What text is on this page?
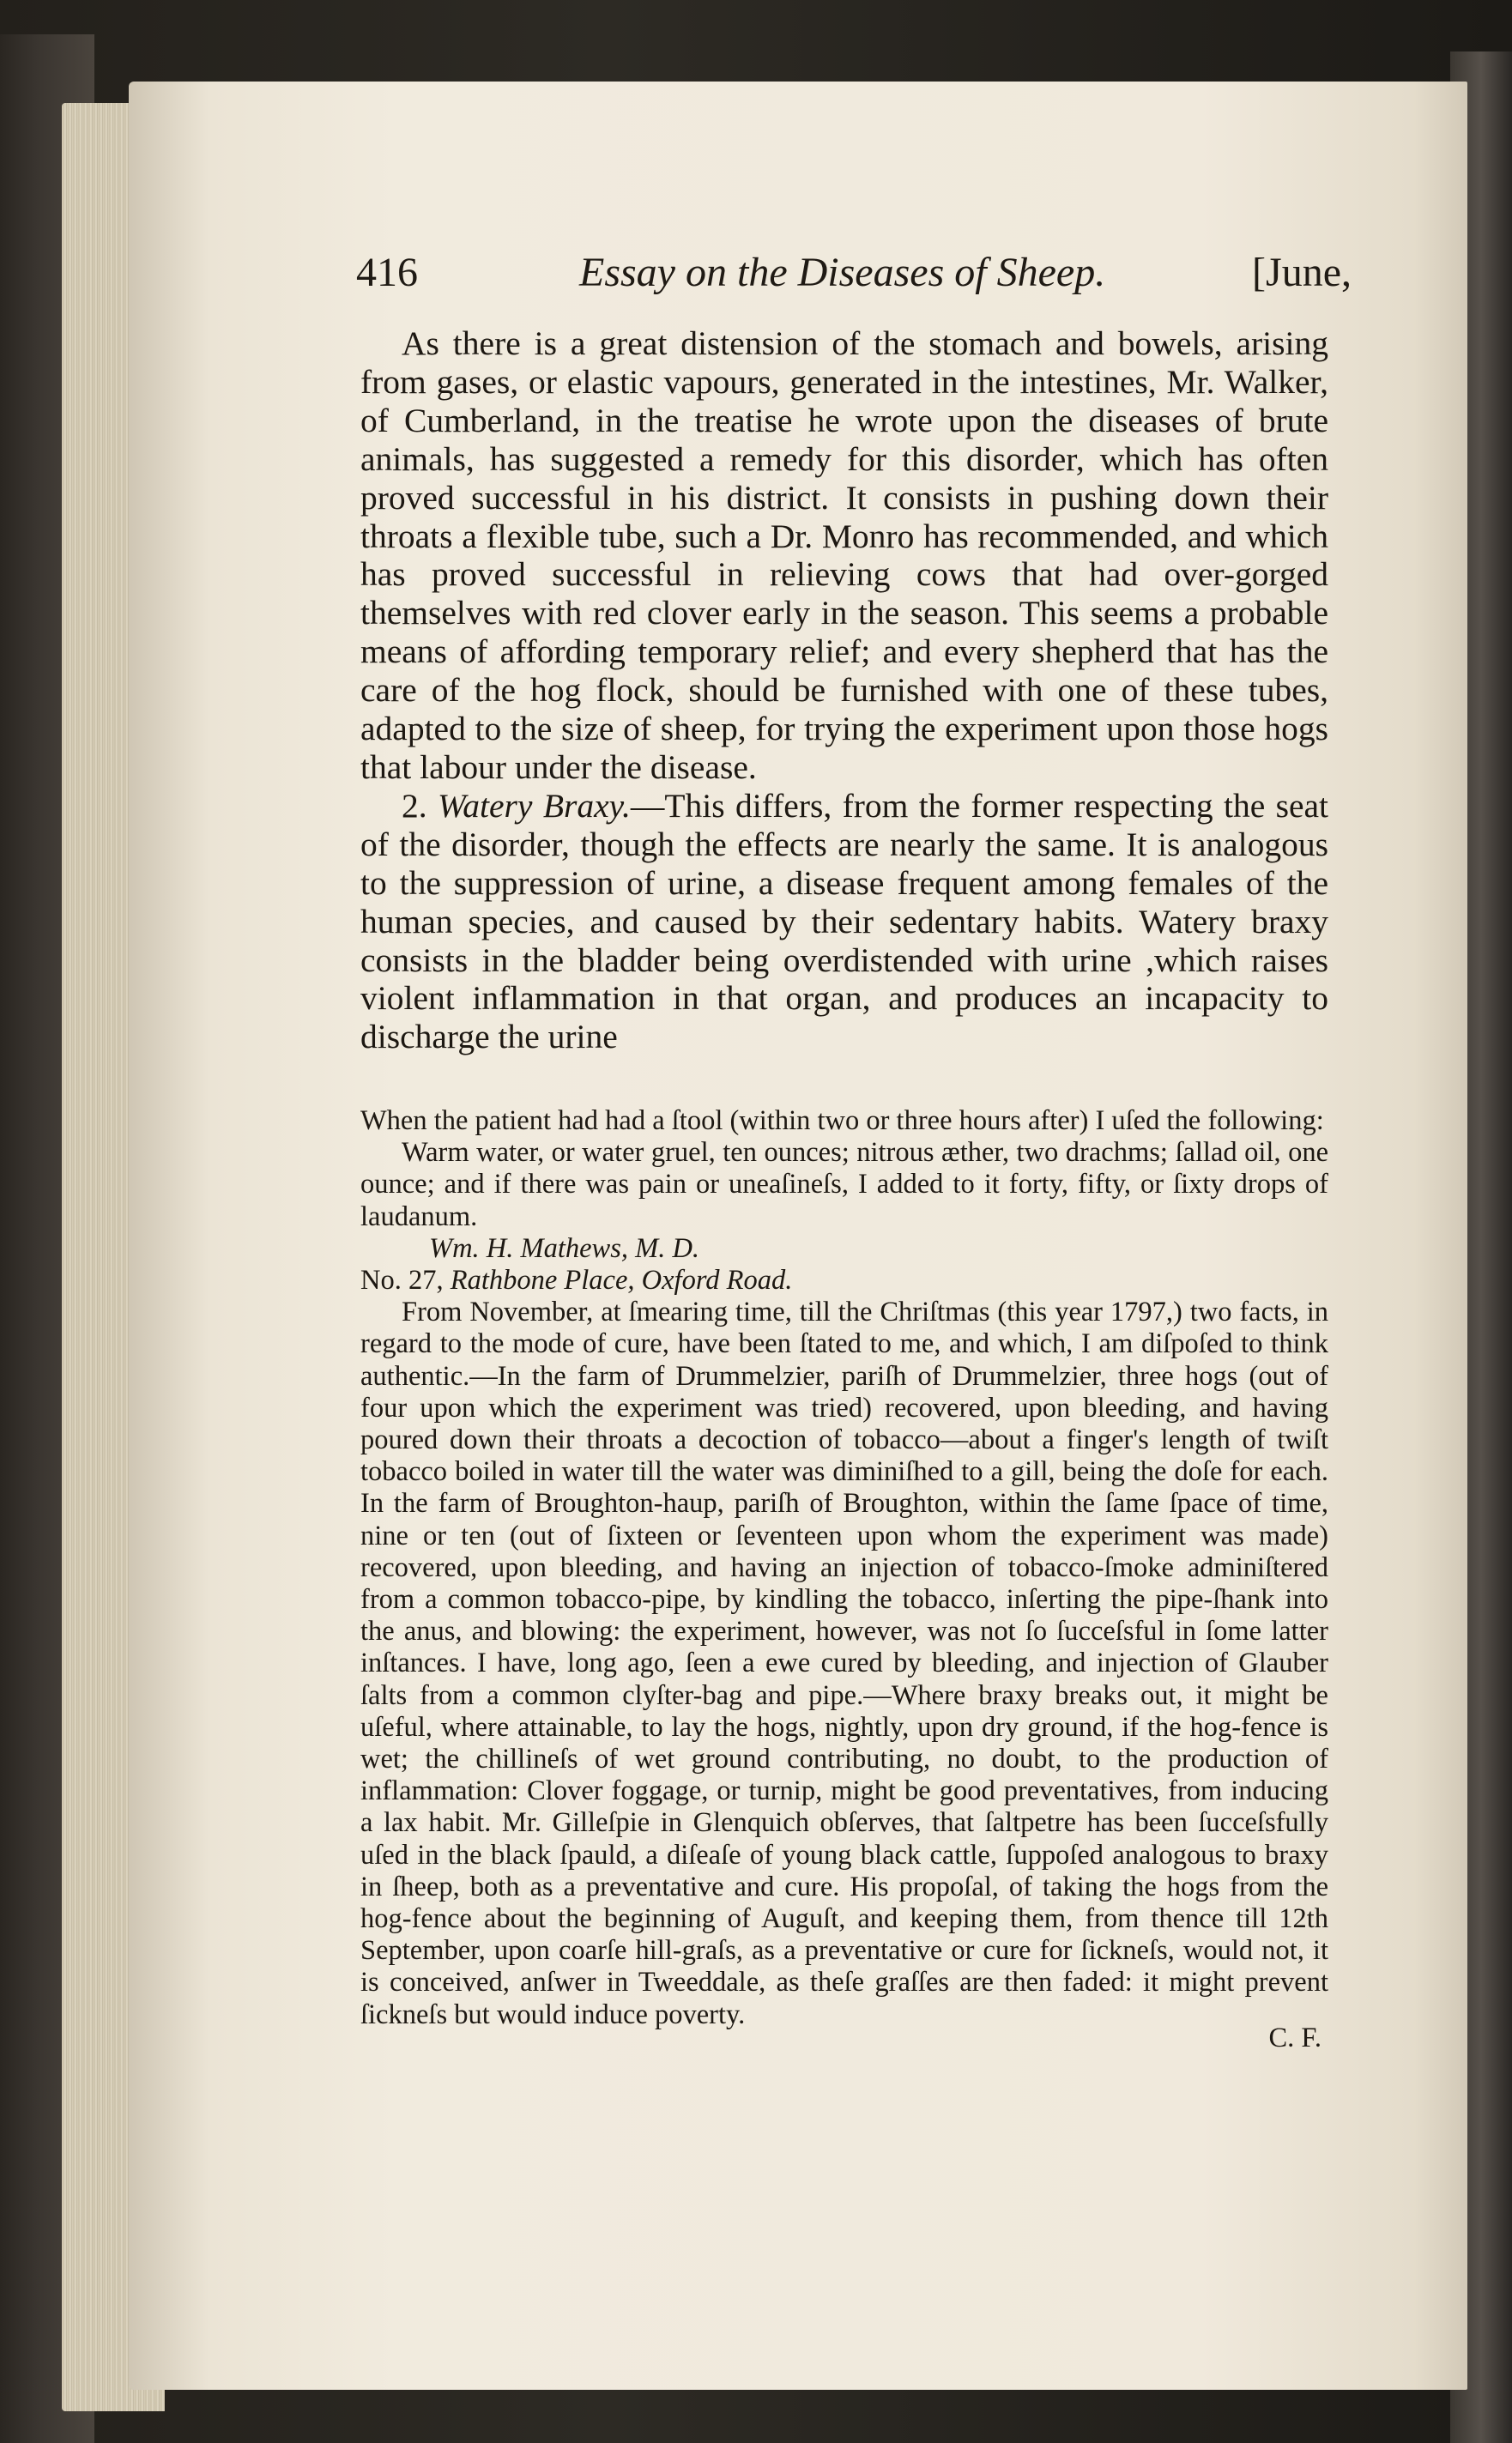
416	Essay on the Diseases of Sheep.	[June,

As there is a great distension of the stomach and bowels, arising from gases, or elastic vapours, generated in the intestines, Mr. Walker, of Cumberland, in the treatise he wrote upon the diseases of brute animals, has suggested a remedy for this disorder, which has often proved successful in his district. It consists in pushing down their throats a flexible tube, such a Dr. Monro has recommended, and which has proved successful in relieving cows that had over-gorged themselves with red clover early in the season. This seems a probable means of affording temporary relief; and every shepherd that has the care of the hog flock, should be furnished with one of these tubes, adapted to the size of sheep, for trying the experiment upon those hogs that labour under the disease.

2. Watery Braxy.—This differs, from the former respecting the seat of the disorder, though the effects are nearly the same. It is analogous to the suppression of urine, a disease frequent among females of the human species, and caused by their sedentary habits. Watery braxy consists in the bladder being overdistended with urine ,which raises violent inflammation in that organ, and produces an incapacity to discharge the urine

When the patient had had a ſtool (within two or three hours after) I uſed the following:

Warm water, or water gruel, ten ounces; nitrous æther, two drachms; ſallad oil, one ounce; and if there was pain or uneaſineſs, I added to it forty, fifty, or ſixty drops of laudanum.

Wm. H. Mathews, M. D.

No. 27, Rathbone Place, Oxford Road.

From November, at ſmearing time, till the Chriſtmas (this year 1797,) two facts, in regard to the mode of cure, have been ſtated to me, and which, I am diſpoſed to think authentic.—In the farm of Drummelzier, pariſh of Drummelzier, three hogs (out of four upon which the experiment was tried) recovered, upon bleeding, and having poured down their throats a decoction of tobacco—about a finger's length of twiſt tobacco boiled in water till the water was diminiſhed to a gill, being the doſe for each. In the farm of Broughton-haup, pariſh of Broughton, within the ſame ſpace of time, nine or ten (out of ſixteen or ſeventeen upon whom the experiment was made) recovered, upon bleeding, and having an injection of tobacco-ſmoke adminiſtered from a common tobacco-pipe, by kindling the tobacco, inſerting the pipe-ſhank into the anus, and blowing: the experiment, however, was not ſo ſucceſsful in ſome latter inſtances. I have, long ago, ſeen a ewe cured by bleeding, and injection of Glauber ſalts from a common clyſter-bag and pipe.—Where braxy breaks out, it might be uſeful, where attainable, to lay the hogs, nightly, upon dry ground, if the hog-fence is wet; the chillineſs of wet ground contributing, no doubt, to the production of inflammation: Clover foggage, or turnip, might be good preventatives, from inducing a lax habit. Mr. Gilleſpie in Glenquich obſerves, that ſaltpetre has been ſucceſsfully uſed in the black ſpauld, a diſeaſe of young black cattle, ſuppoſed analogous to braxy in ſheep, both as a preventative and cure. His propoſal, of taking the hogs from the hog-fence about the beginning of Auguſt, and keeping them, from thence till 12th September, upon coarſe hill-graſs, as a preventative or cure for ſickneſs, would not, it is conceived, anſwer in Tweeddale, as theſe graſſes are then faded: it might prevent ſickneſs but would induce poverty.

C. F.
